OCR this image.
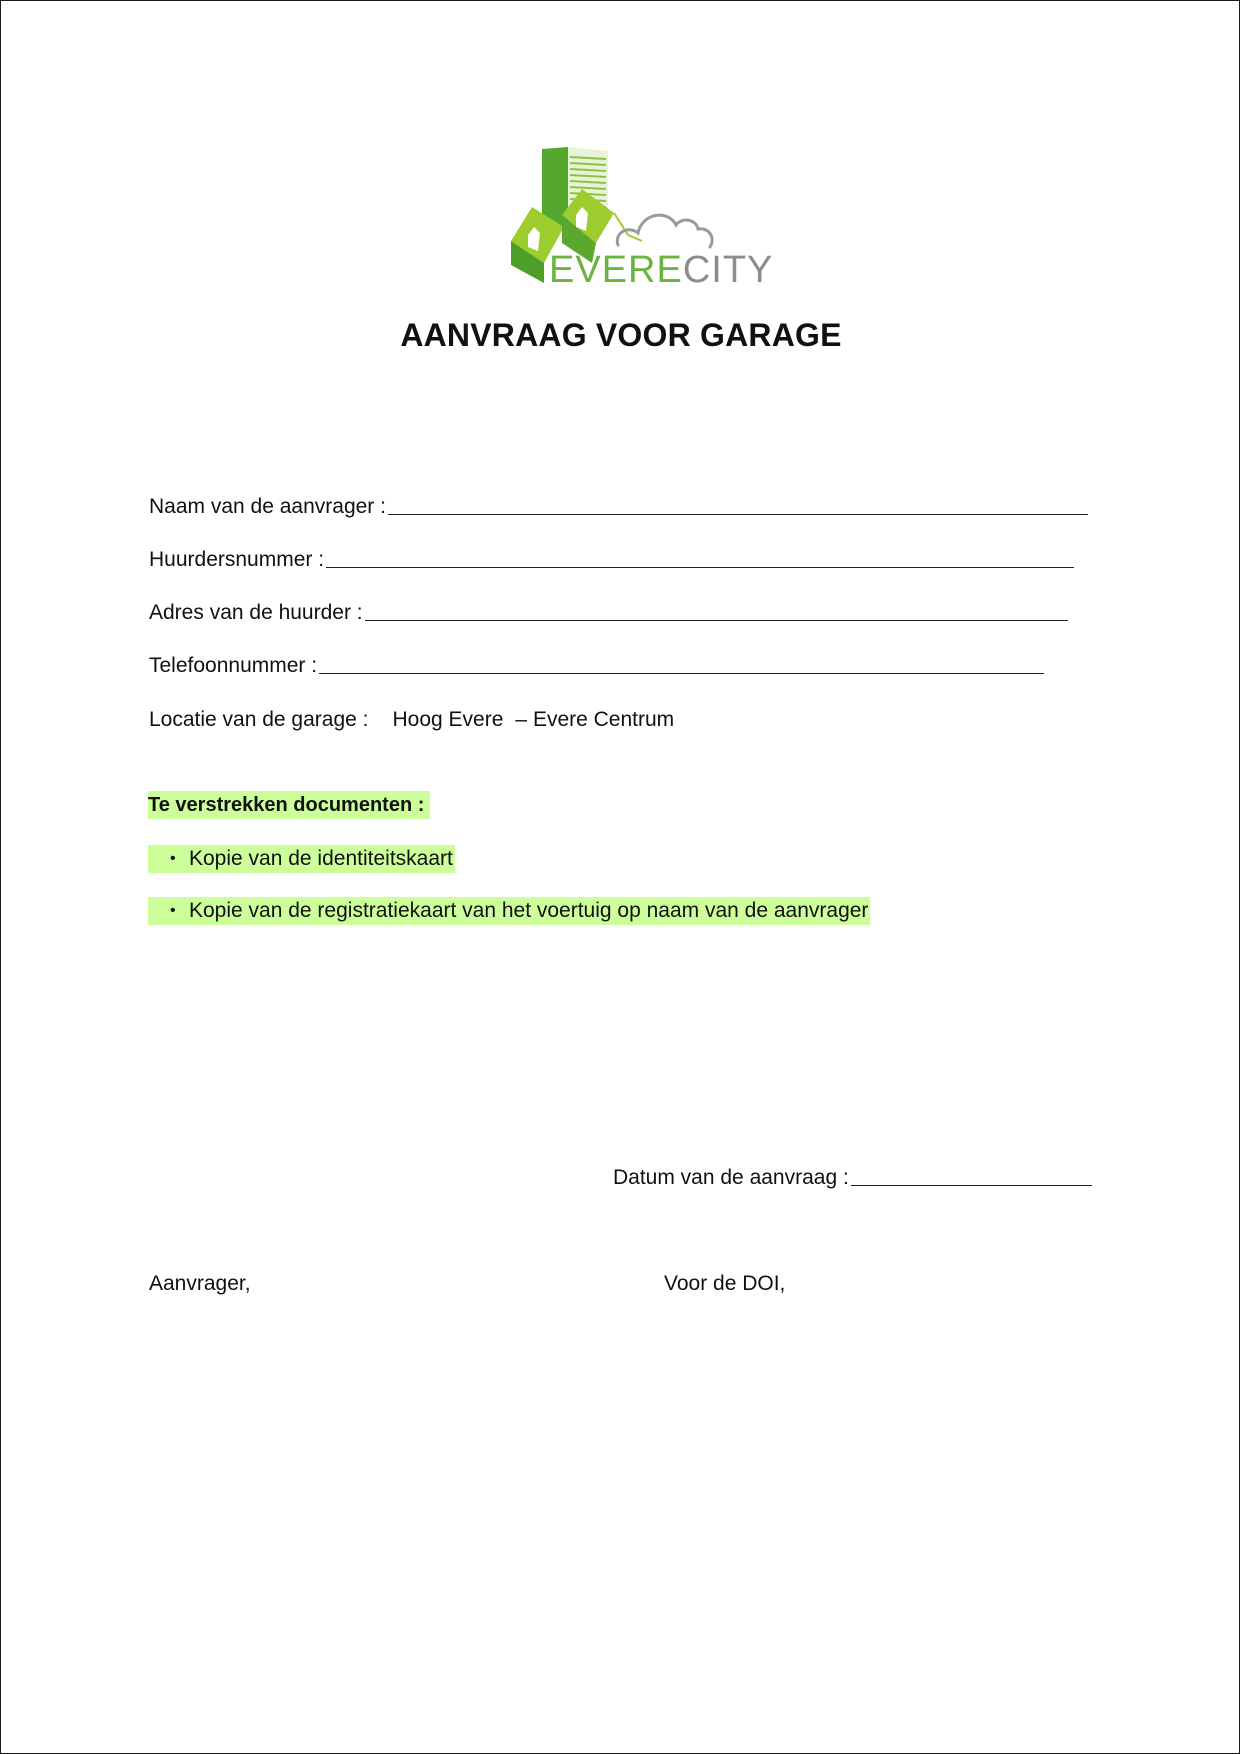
EVERECITY
AANVRAAG VOOR GARAGE
Naam van de aanvrager :
Huurdersnummer :
Adres van de huurder :
Telefoonnummer :
Locatie van de garage : Hoog Evere – Evere Centrum
Te verstrekken documenten :
• Kopie van de identiteitskaart
• Kopie van de registratiekaart van het voertuig op naam van de aanvrager
Datum van de aanvraag :
Aanvrager,	Voor de DOI,
